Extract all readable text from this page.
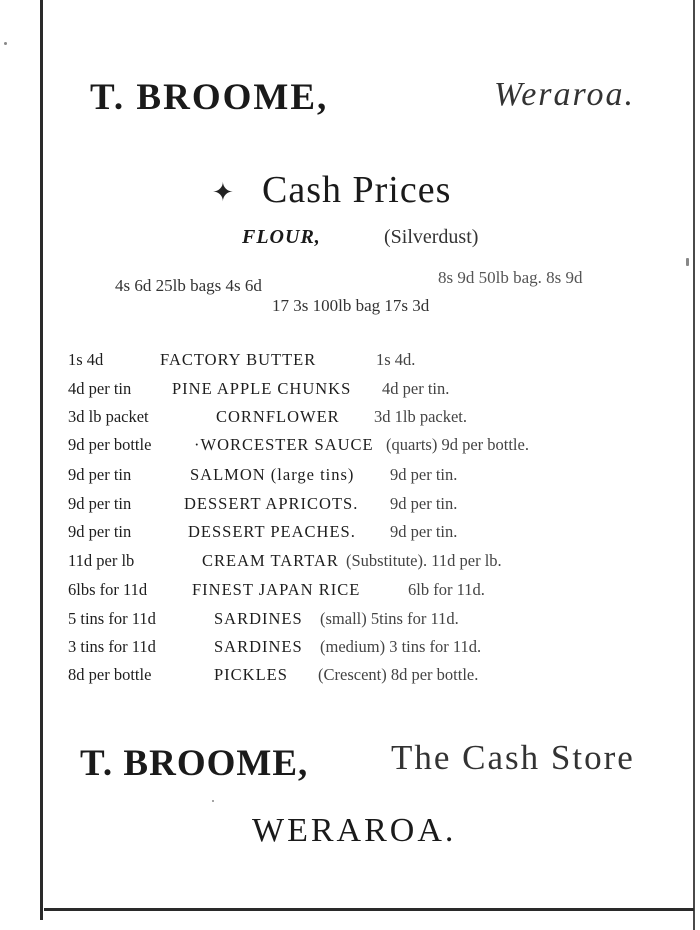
T. BROOME,	Weraroa.
✦ Cash Prices
FLOUR,	(Silverdust)
4s 6d 25lb bags 4s 6d	8s 9d 50lb bag. 8s 9d
17 3s 100lb bag 17s 3d
1s 4d	FACTORY BUTTER	1s 4d.
4d per tin PINE APPLE CHUNKS 4d per tin.
3d lb packet	CORNFLOWER 3d 1lb packet.
9d per bottle	·WORCESTER SAUCE (quarts) 9d per bottle.
9d per tin	SALMON (large tins) 9d per tin.
9d per tin	DESSERT APRICOTS. 9d per tin.
9d per tin	DESSERT PEACHES. 9d per tin.
11d per lb	CREAM TARTAR (Substitute). 11d per lb.
6lbs for 11d	FINEST JAPAN RICE	6lb for 11d.
5 tins for 11d	SARDINES (small) 5tins for 11d.
3 tins for 11d	SARDINES (medium) 3 tins for 11d.
8d per bottle	PICKLES (Crescent) 8d per bottle.
T. BROOME, The Cash Store
WERAROA.
